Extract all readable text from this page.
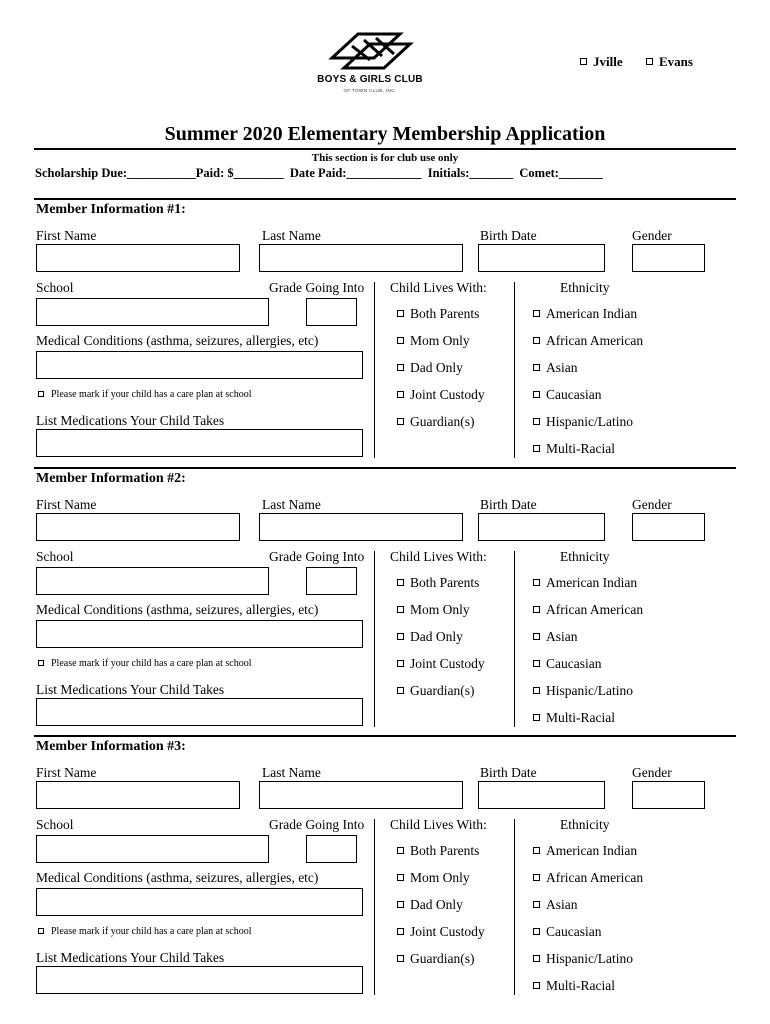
BOYS & GIRLS CLUB
OF TOWN CLUB, INC.
Jville	Evans
Summer 2020 Elementary Membership Application
This section is for club use only
Scholarship Due:___________Paid: $________  Date Paid:____________  Initials:_______  Comet:_______
Member Information #1:
First Name	Last Name	Birth Date	Gender
School	Grade Going Into
Medical Conditions (asthma, seizures, allergies, etc)
Please mark if your child has a care plan at school
List Medications Your Child Takes
Child Lives With:	Ethnicity
Both Parents
Mom Only
Dad Only
Joint Custody
Guardian(s)
American Indian
African American
Asian
Caucasian
Hispanic/Latino
Multi-Racial
Member Information #2:
First Name	Last Name	Birth Date	Gender
School	Grade Going Into
Medical Conditions (asthma, seizures, allergies, etc)
Please mark if your child has a care plan at school
List Medications Your Child Takes
Child Lives With:	Ethnicity
Both Parents
Mom Only
Dad Only
Joint Custody
Guardian(s)
American Indian
African American
Asian
Caucasian
Hispanic/Latino
Multi-Racial
Member Information #3:
First Name	Last Name	Birth Date	Gender
School	Grade Going Into
Medical Conditions (asthma, seizures, allergies, etc)
Please mark if your child has a care plan at school
List Medications Your Child Takes
Child Lives With:	Ethnicity
Both Parents
Mom Only
Dad Only
Joint Custody
Guardian(s)
American Indian
African American
Asian
Caucasian
Hispanic/Latino
Multi-Racial
